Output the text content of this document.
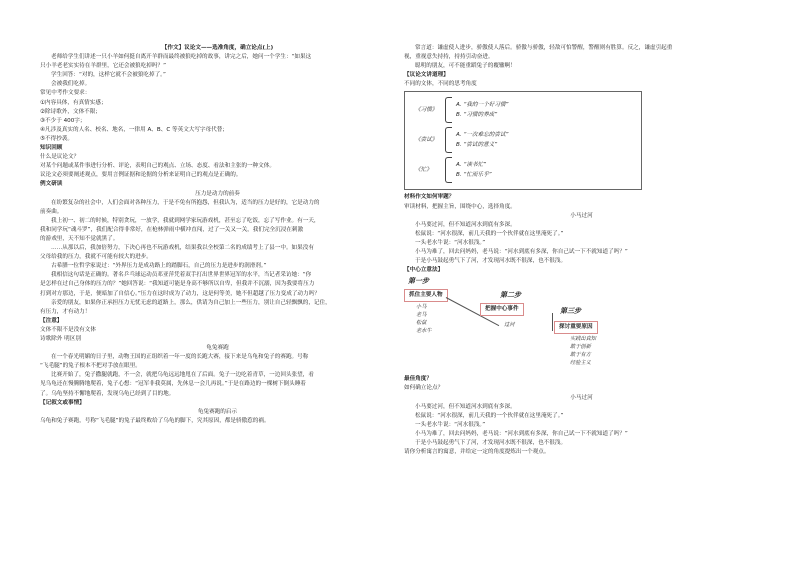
【作文】议论文——选准角度，确立论点(上)
老师给学生们讲述一只小羊如何挺自离开羊群而最终被狼吃掉的故事，讲完之后，她问一个学生：“如果这
只小羊老老实实待在羊群里，它还会被狼吃掉吗？”
学生回答：“对的，这样它就不会被狼吃掉了。”
会被我们吃掉。
常见中考作文要求：
①内容具体，有真情实感；
②除诗歌外，文体不限；
③不少于 400字；
④凡涉及真实的人名、校名、地名，一律用 A、B、C 等英文大写字母代替；
⑤不得抄袭。
知识回顾
什么是议论文？
对某个问题或某件事进行分析、评论，表明自己的观点、立场、态度、看法和主张的一种文体。
议论文必须要阐述观点，要用言例证据和论据的分析来证明自己的观点是正确的。
例文研读
压力是动力的前奏
在纷繁复杂的社会中，人们会面对各种压力，于是不免有所抱怨，但我认为，适当的压力是好的，它是动力的
前奏曲。
我上初一、初二的时候，特别贪玩，一放学，我就到网学家玩游戏机，甚至忘了吃饭，忘了写作业。有一天，
我和同学玩“魂斗罗”，我们配合得非常好，在枪林弹雨中横冲直闯，过了一关又一关，我们完全沉浸在刺激
的游戏里，天不知不觉就黑了。
……从那以后，我加倍努力，下决心再也不玩游戏机，结果我以全校第二名的成绩考上了县一中。如果没有
父母给我的压力，我就不可能有较大的进步。
古希腊一位哲学家说过：“外界压力是成功路上的踏脚石，自己的压力是进步的润滑剂。”
我相信这句话是正确的。著名乒乓球运动员邓亚萍凭着双手打出世界世界冠军的水平，当记者采访她：“你
是怎样在过自己身体的压力的？”她回答说：“我知道可能是身高不够所以自卑，但我并不沉溺，因为我要将压力
打到对方那边，于是，便暗加了自信心。”压力在这时成为了动力，这是何等美，她不但超越了压力变成了动力吗？
亲爱的朋友，如果你正承担压力无忧无虑的道路上，那么，供请为自己加上一些压力，别让自己轻飘飘的，记住，
有压力，才有动力！
【注意】
文体不限不是没有文体
诗歌除外 明区别
龟兔赛跑
在一个春光明媚的日子里，动物王国的正组织着一年一度的长跑大赛，接下来是乌龟和兔子的赛跑。号称
“飞毛腿”的兔子根本不把对手放在眼里。
比赛开始了，兔子撒腿就跑，不一会，就把乌龟远远地甩在了后面。兔子一边吃着青草，一边回头张望，看
见乌龟还在慢腾腾地爬着，兔子心想：“冠军非我莫属，先休息一会儿再说。”于是在路边的一棵树下倒头睡着
了。乌龟坚持不懈地爬着，发现乌龟已经到了目的地。
【记叙文或事情】
龟兔赛跑的启示
乌龟和兔子赛跑，号称“飞毛腿”的兔子最终败给了乌龟的脚下，究其原因，都是骄傲惹的祸。
常言道：谦虚使人进步，骄傲使人落后。骄傲与骄傲，轻敌可怕警醒，警醒则有胜算。反之，谦虚引起重
视，重视意失持持，持持引动奋进。
聪明的朋友，可不能重蹈兔子的覆辙啊！
【议论文讲道理】
不同的文体，不同的思考角度
《习惯》
A. “我的一个好习惯”
B. “习惯的养成”
《尝试》
A. “一次难忘的尝试”
B. “尝试的意义”
《忙》
A. “读书忙”
B. “忙而乐乎”
材料作文如何审题？
审读材料，把握主旨，围绕中心，选择角度。
小马过河
小马要过河，但不知道河水到底有多深。
松鼠说：“河水很深，前几天我的一个伙伴就在这里淹死了。”
一头老水牛说：“河水很浅。”
小马为难了，回去问妈妈，老马说：“河水到底有多深，你自己试一下不就知道了吗？”
于是小马鼓起勇气下了河，才发现河水既不很深，也不很浅。
【中心立意法】
第一步
抓住主要人物
小马
老马
松鼠
老水牛
第二步
把握中心事件
过河
第三步
探讨重要原因
实践出真知
敢于创新
敢于有方
经验主义
最佳角度？
如何确立论点？
小马过河
小马要过河，但不知道河水到底有多深。
松鼠说：“河水很深，前几天我的一个伙伴就在这里淹死了。”
一头老水牛说：“河水很浅。”
小马为难了，回去问妈妈，老马说：“河水到底有多深，你自己试一下不就知道了吗？”
于是小马鼓起勇气下了河，才发现河水既不很深，也不很浅。
请你分析寓言的寓意，并给定一定的角度提炼出一个观点。
